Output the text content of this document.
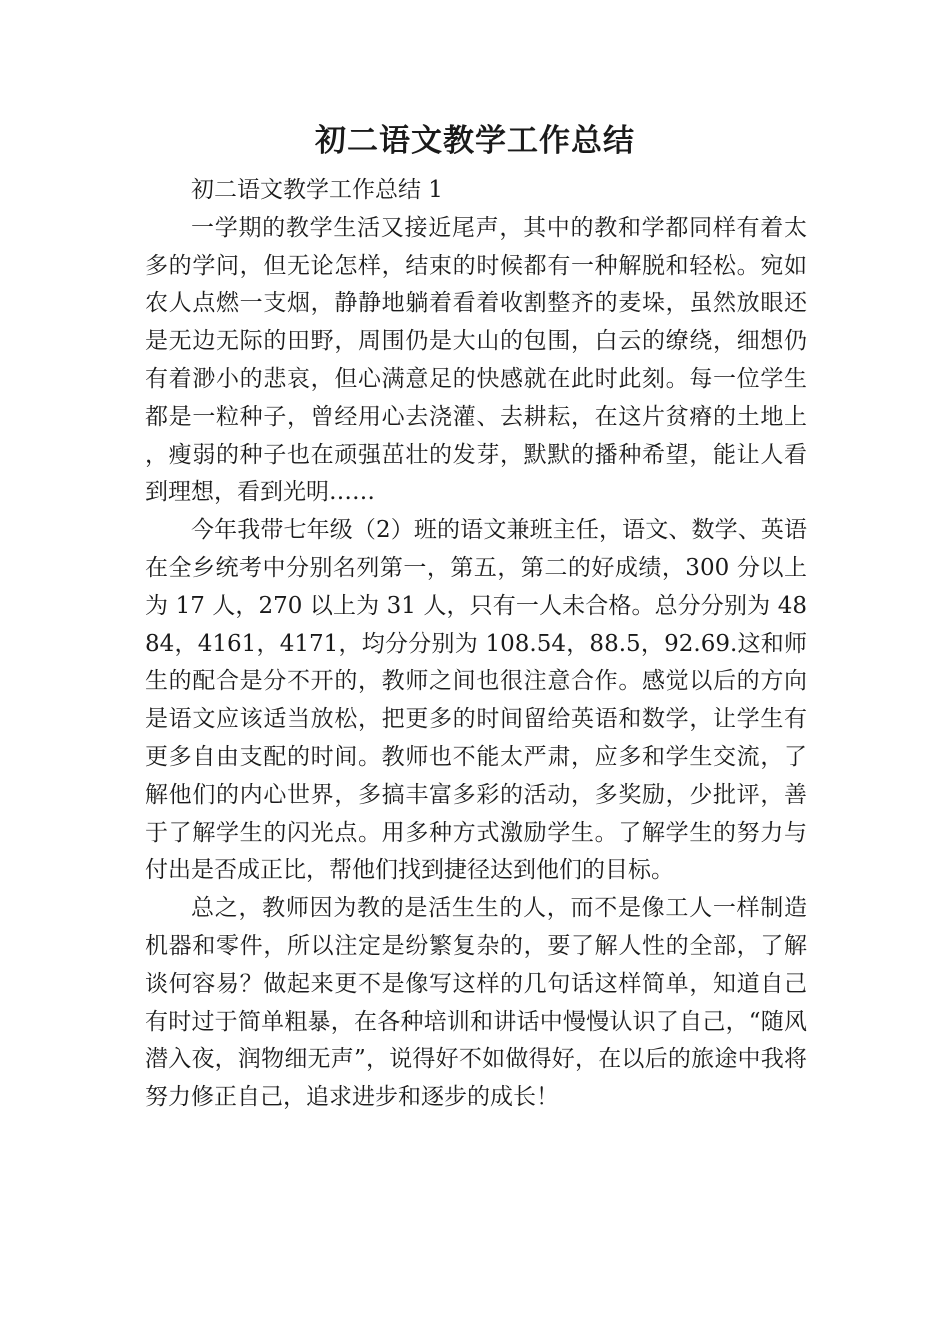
初二语文教学工作总结

初二语文教学工作总结 1

一学期的教学生活又接近尾声，其中的教和学都同样有着太多的学问，但无论怎样，结束的时候都有一种解脱和轻松。宛如农人点燃一支烟，静静地躺着看着收割整齐的麦垛，虽然放眼还是无边无际的田野，周围仍是大山的包围，白云的缭绕，细想仍有着渺小的悲哀，但心满意足的快感就在此时此刻。每一位学生都是一粒种子，曾经用心去浇灌、去耕耘，在这片贫瘠的土地上，瘦弱的种子也在顽强茁壮的发芽，默默的播种希望，能让人看到理想，看到光明……

今年我带七年级（2）班的语文兼班主任，语文、数学、英语在全乡统考中分别名列第一，第五，第二的好成绩，300 分以上为 17 人，270 以上为 31 人，只有一人未合格。总分分别为 4884，4161，4171，均分分别为 108.54，88.5，92.69.这和师生的配合是分不开的，教师之间也很注意合作。感觉以后的方向是语文应该适当放松，把更多的时间留给英语和数学，让学生有更多自由支配的时间。教师也不能太严肃，应多和学生交流，了解他们的内心世界，多搞丰富多彩的活动，多奖励，少批评，善于了解学生的闪光点。用多种方式激励学生。了解学生的努力与付出是否成正比，帮他们找到捷径达到他们的目标。

总之，教师因为教的是活生生的人，而不是像工人一样制造机器和零件，所以注定是纷繁复杂的，要了解人性的全部，了解谈何容易？做起来更不是像写这样的几句话这样简单，知道自己有时过于简单粗暴，在各种培训和讲话中慢慢认识了自己，“随风潜入夜，润物细无声”，说得好不如做得好，在以后的旅途中我将努力修正自己，追求进步和逐步的成长！
